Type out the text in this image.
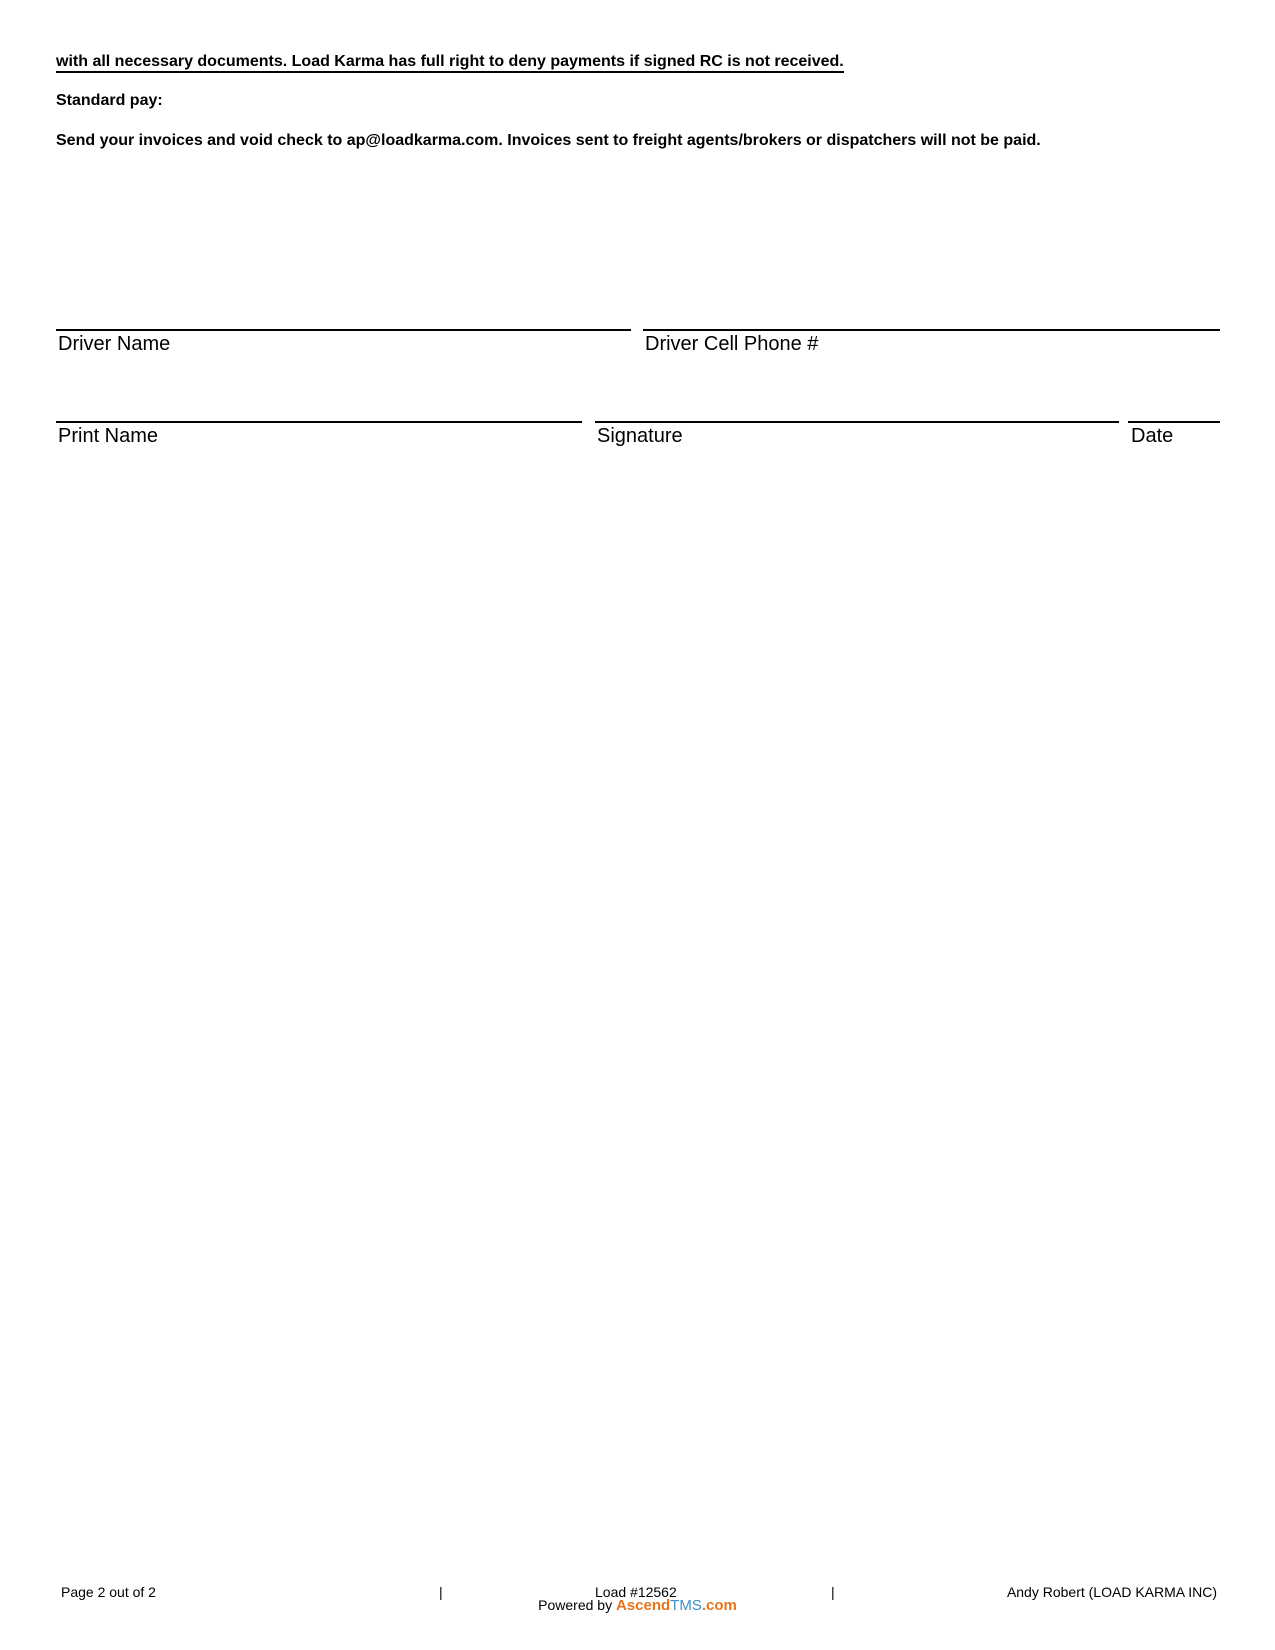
with all necessary documents. Load Karma has full right to deny payments if signed RC is not received.
Standard pay:
Send your invoices and void check to ap@loadkarma.com. Invoices sent to freight agents/brokers or dispatchers will not be paid.
Driver Name	Driver Cell Phone #
Print Name	Signature	Date
Page 2 out of 2	|	Load #12562	|	Andy Robert (LOAD KARMA INC)
Powered by AscendTMS.com
